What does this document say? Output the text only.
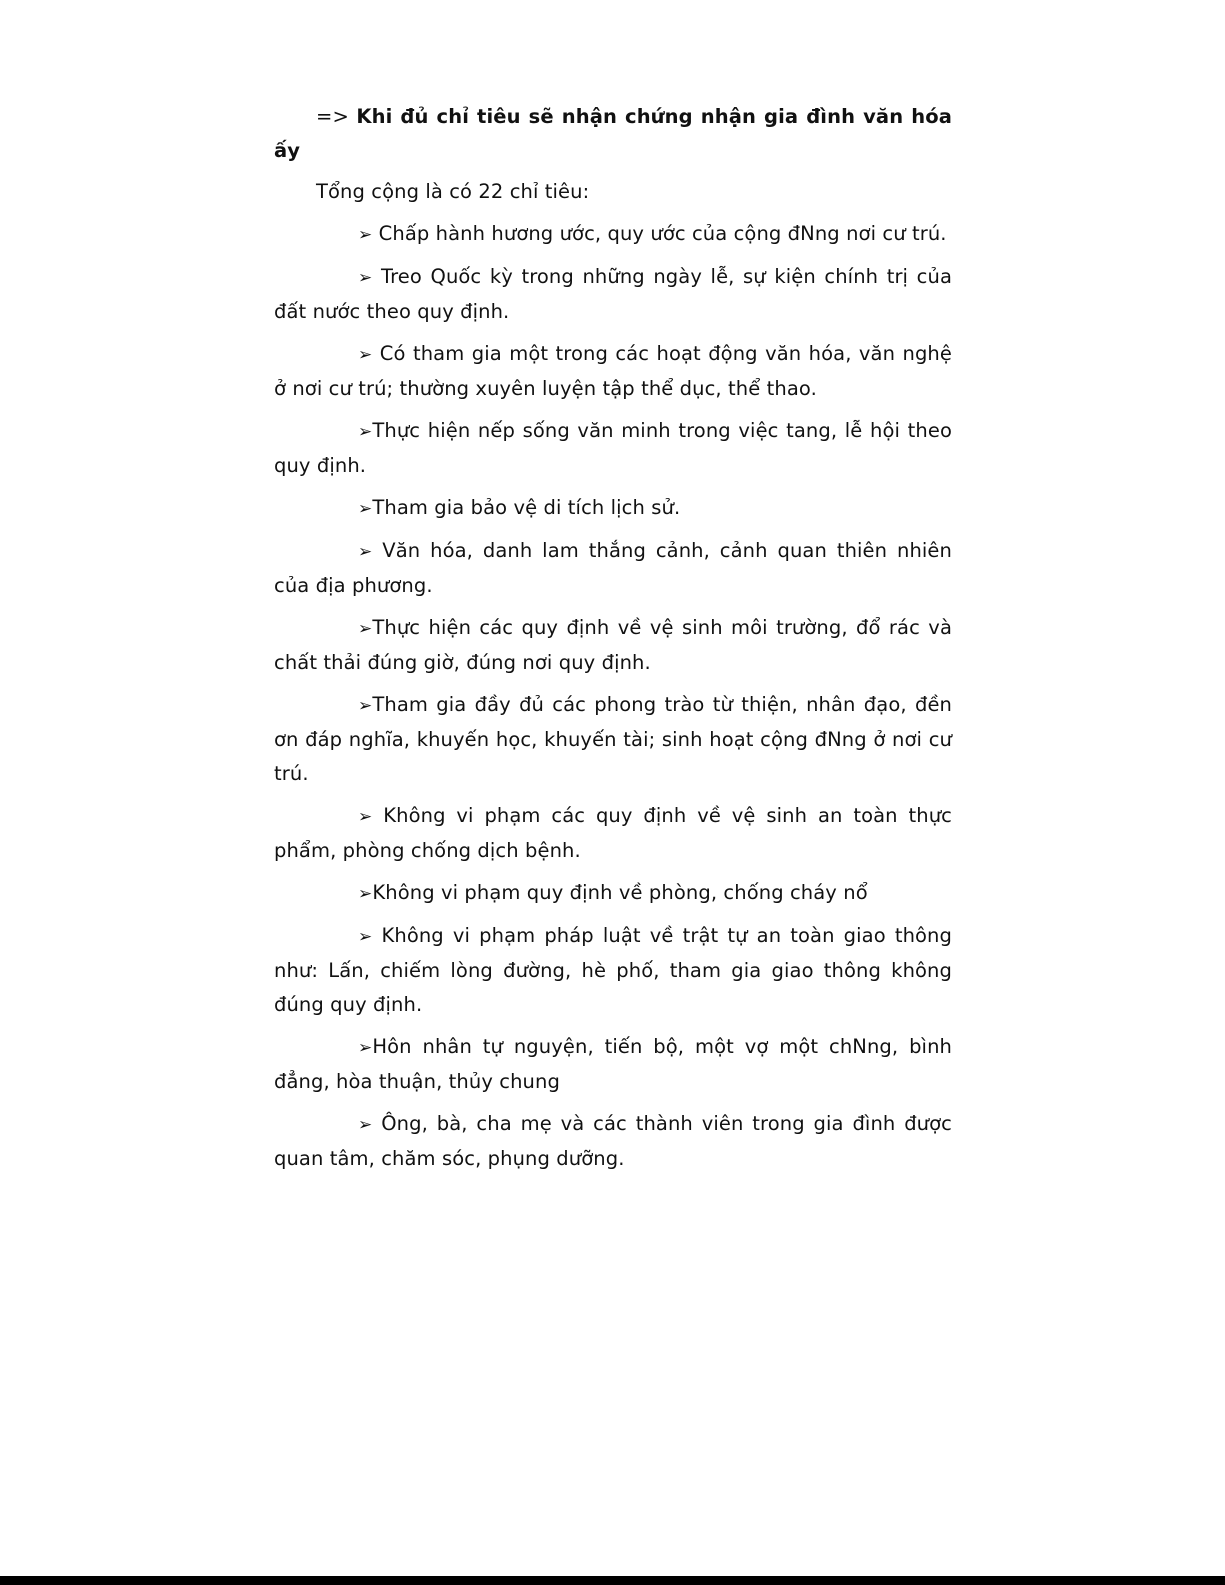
=> Khi đủ chỉ tiêu sẽ nhận chứng nhận gia đình văn hóa ấy

Tổng cộng là có 22 chỉ tiêu:

➢ Chấp hành hương ước, quy ước của cộng đNng nơi cư trú.

➢ Treo Quốc kỳ trong những ngày lễ, sự kiện chính trị của đất nước theo quy định.

➢ Có tham gia một trong các hoạt động văn hóa, văn nghệ ở nơi cư trú; thường xuyên luyện tập thể dục, thể thao.

➢Thực hiện nếp sống văn minh trong việc tang, lễ hội theo quy định.

➢Tham gia bảo vệ di tích lịch sử.

➢ Văn hóa, danh lam thắng cảnh, cảnh quan thiên nhiên của địa phương.

➢Thực hiện các quy định về vệ sinh môi trường, đổ rác và chất thải đúng giờ, đúng nơi quy định.

➢Tham gia đầy đủ các phong trào từ thiện, nhân đạo, đền ơn đáp nghĩa, khuyến học, khuyến tài; sinh hoạt cộng đNng ở nơi cư trú.

➢ Không vi phạm các quy định về vệ sinh an toàn thực phẩm, phòng chống dịch bệnh.

➢Không vi phạm quy định về phòng, chống cháy nổ

➢ Không vi phạm pháp luật về trật tự an toàn giao thông như: Lấn, chiếm lòng đường, hè phố, tham gia giao thông không đúng quy định.

➢Hôn nhân tự nguyện, tiến bộ, một vợ một chNng, bình đẳng, hòa thuận, thủy chung

➢ Ông, bà, cha mẹ và các thành viên trong gia đình được quan tâm, chăm sóc, phụng dưỡng.
